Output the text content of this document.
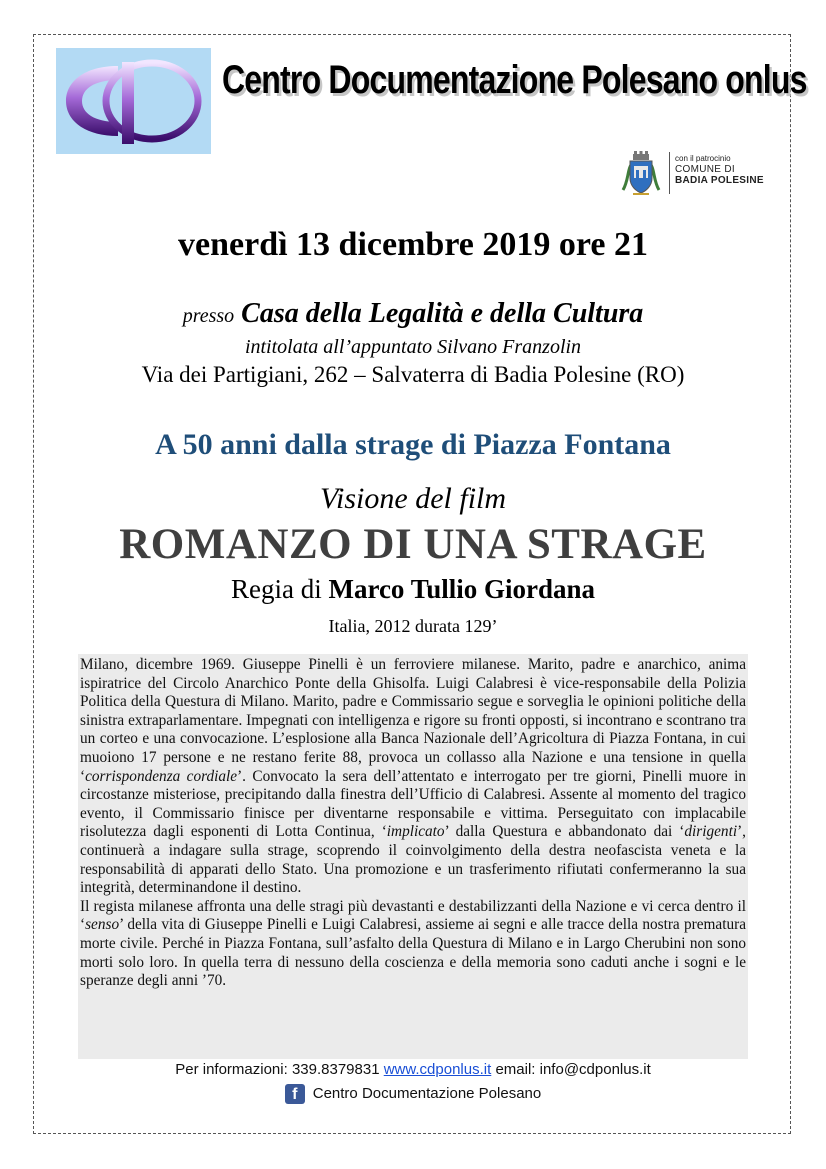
CP
Centro Documentazione Polesano onlus
con il patrocinio
COMUNE DI
BADIA POLESINE
venerdì 13 dicembre 2019 ore 21
presso Casa della Legalità e della Cultura
intitolata all’appuntato Silvano Franzolin
Via dei Partigiani, 262 – Salvaterra di Badia Polesine (RO)
A 50 anni dalla strage di Piazza Fontana
Visione del film
ROMANZO DI UNA STRAGE
Regia di Marco Tullio Giordana
Italia, 2012 durata 129’

Milano, dicembre 1969. Giuseppe Pinelli è un ferroviere milanese. Marito, padre e anarchico, anima ispiratrice del Circolo Anarchico Ponte della Ghisolfa. Luigi Calabresi è vice-responsabile della Polizia Politica della Questura di Milano. Marito, padre e Commissario segue e sorveglia le opinioni politiche della sinistra extraparlamentare. Impegnati con intelligenza e rigore su fronti opposti, si incontrano e scontrano tra un corteo e una convocazione. L’esplosione alla Banca Nazionale dell’Agricoltura di Piazza Fontana, in cui muoiono 17 persone e ne restano ferite 88, provoca un collasso alla Nazione e una tensione in quella ‘corrispondenza cordiale’. Convocato la sera dell’attentato e interrogato per tre giorni, Pinelli muore in circostanze misteriose, precipitando dalla finestra dell’Ufficio di Calabresi. Assente al momento del tragico evento, il Commissario finisce per diventarne responsabile e vittima. Perseguitato con implacabile risolutezza dagli esponenti di Lotta Continua, ‘implicato’ dalla Questura e abbandonato dai ‘dirigenti’, continuerà a indagare sulla strage, scoprendo il coinvolgimento della destra neofascista veneta e la responsabilità di apparati dello Stato. Una promozione e un trasferimento rifiutati confermeranno la sua integrità, determinandone il destino.

Il regista milanese affronta una delle stragi più devastanti e destabilizzanti della Nazione e vi cerca dentro il ‘senso’ della vita di Giuseppe Pinelli e Luigi Calabresi, assieme ai segni e alle tracce della nostra prematura morte civile. Perché in Piazza Fontana, sull’asfalto della Questura di Milano e in Largo Cherubini non sono morti solo loro. In quella terra di nessuno della coscienza e della memoria sono caduti anche i sogni e le speranze degli anni ’70.

Per informazioni: 339.8379831 www.cdponlus.it email: info@cdponlus.it
f Centro Documentazione Polesano
